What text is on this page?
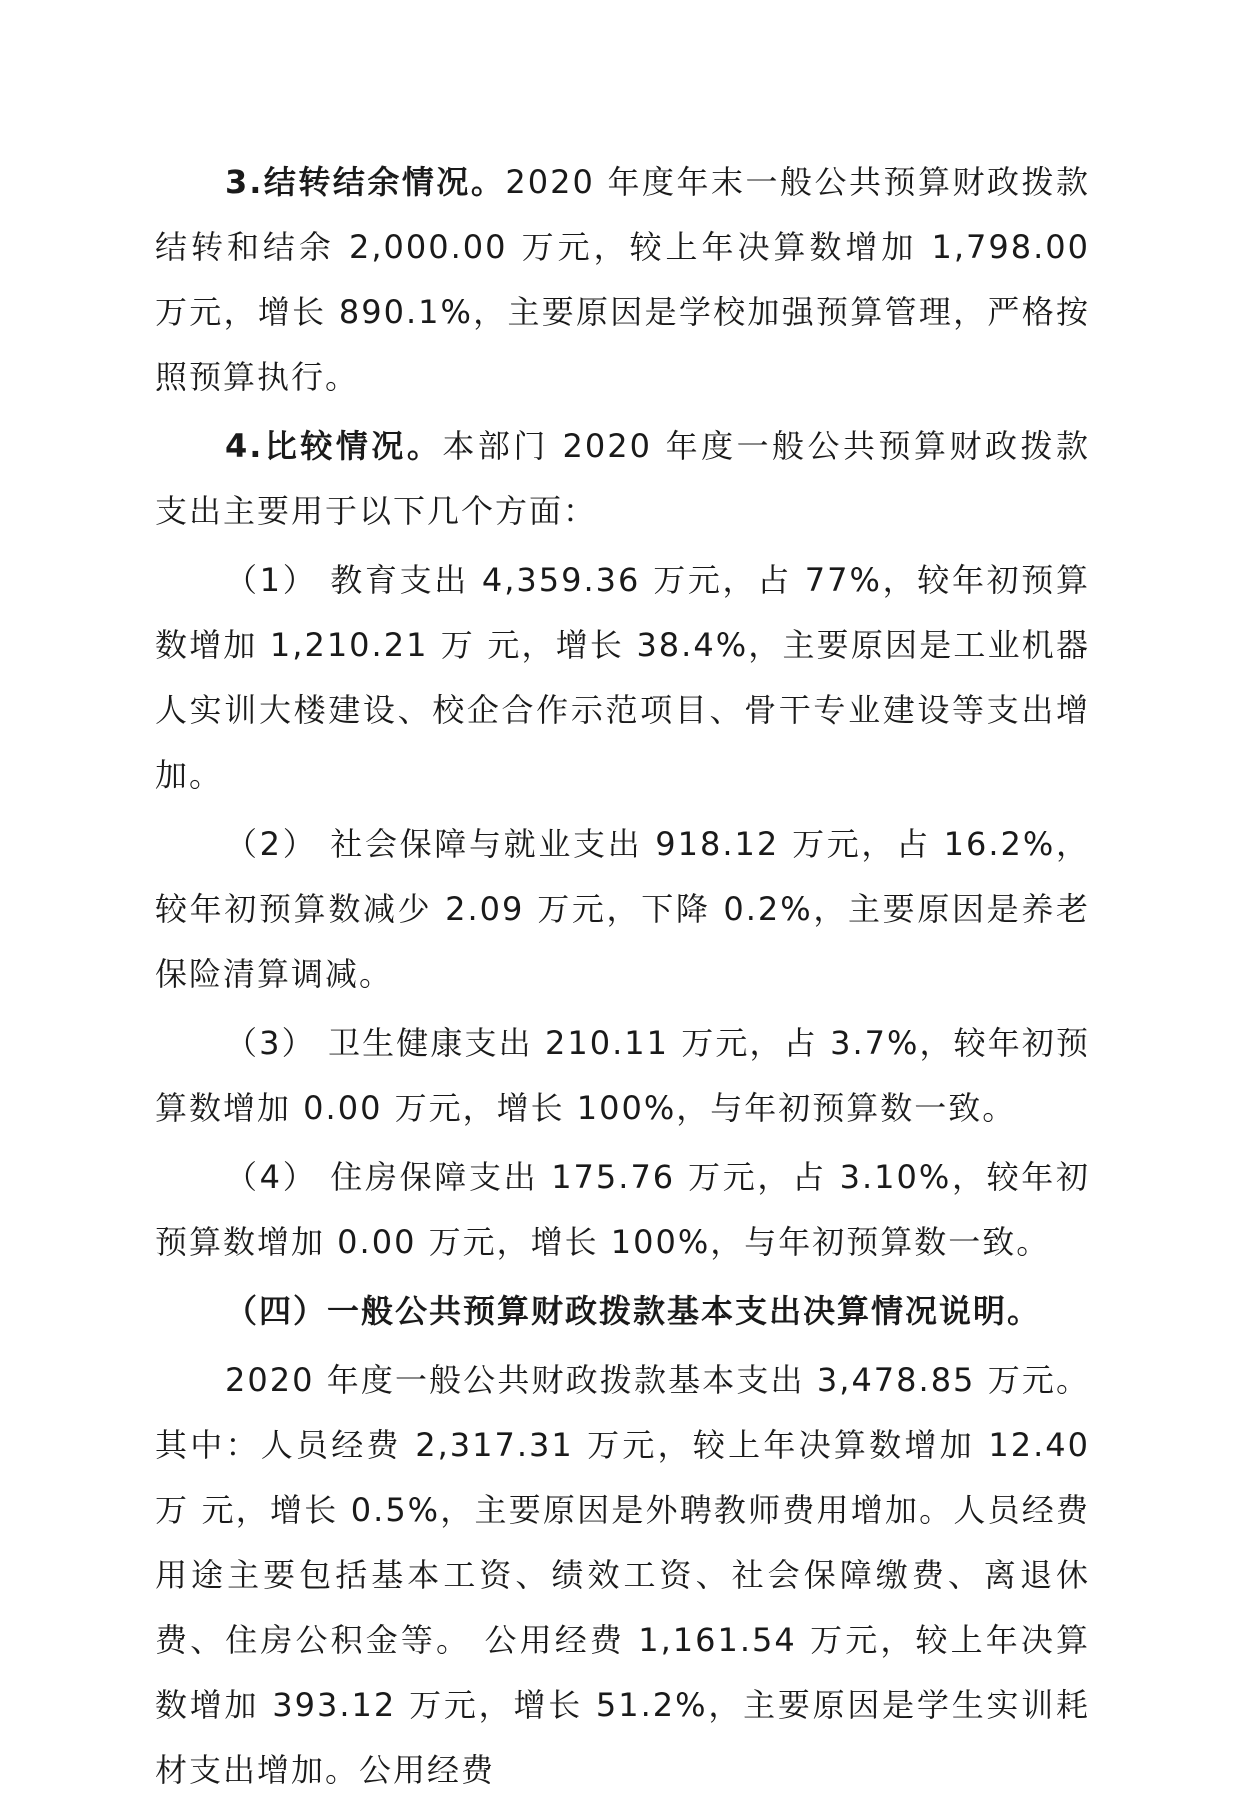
3.结转结余情况。2020 年度年末一般公共预算财政拨款结转和结余 2,000.00 万元，较上年决算数增加 1,798.00 万元，增长 890.1%，主要原因是学校加强预算管理，严格按照预算执行。

4.比较情况。本部门 2020 年度一般公共预算财政拨款支出主要用于以下几个方面：

（1） 教育支出 4,359.36 万元，占 77%，较年初预算数增加 1,210.21 万 元，增长 38.4%，主要原因是工业机器人实训大楼建设、校企合作示范项目、骨干专业建设等支出增加。

（2） 社会保障与就业支出 918.12 万元，占 16.2%，较年初预算数减少 2.09 万元，下降 0.2%，主要原因是养老保险清算调减。

（3） 卫生健康支出 210.11 万元，占 3.7%，较年初预算数增加 0.00 万元，增长 100%，与年初预算数一致。

（4） 住房保障支出 175.76 万元，占 3.10%，较年初预算数增加 0.00 万元，增长 100%，与年初预算数一致。

（四）一般公共预算财政拨款基本支出决算情况说明。

2020 年度一般公共财政拨款基本支出 3,478.85 万元。其中：人员经费 2,317.31 万元，较上年决算数增加 12.40 万 元，增长 0.5%，主要原因是外聘教师费用增加。人员经费用途主要包括基本工资、绩效工资、社会保障缴费、离退休费、住房公积金等。 公用经费 1,161.54 万元，较上年决算数增加 393.12 万元，增长 51.2%，主要原因是学生实训耗材支出增加。公用经费
